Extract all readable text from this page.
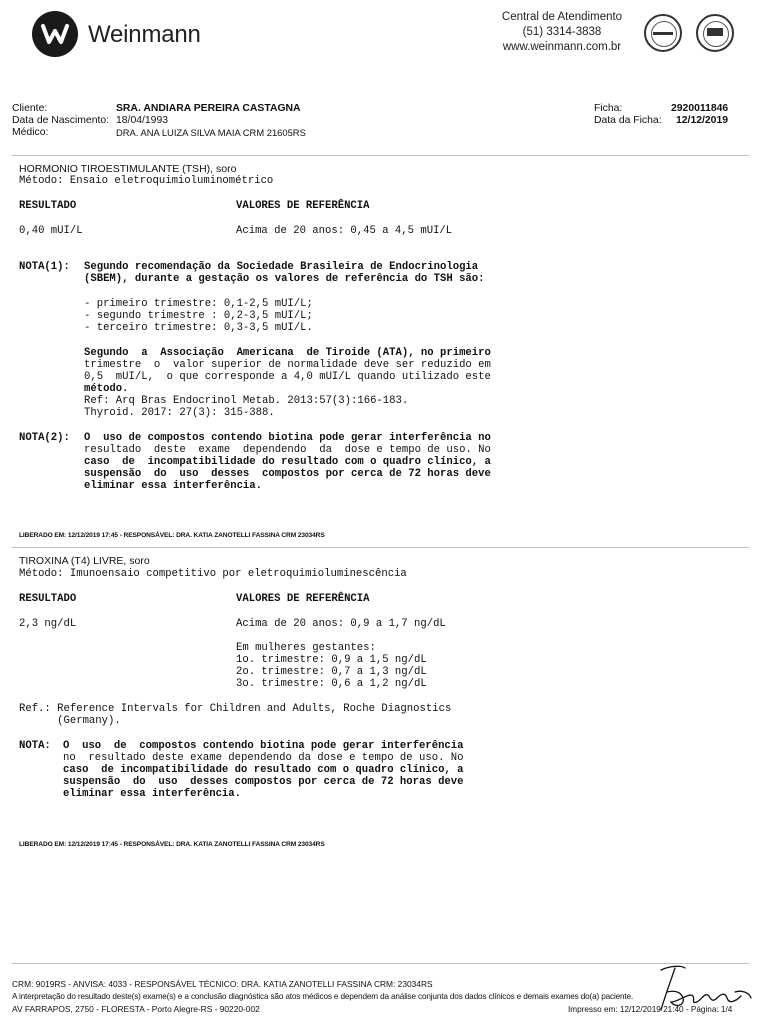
Weinmann
Central de Atendimento
(51) 3314-3838
www.weinmann.com.br
Cliente:	SRA. ANDIARA PEREIRA CASTAGNA
Data de Nascimento: 18/04/1993
Médico:	DRA. ANA LUIZA SILVA MAIA CRM 21605RS
Ficha:	2920011846
Data da Ficha: 12/12/2019
HORMONIO TIROESTIMULANTE (TSH), soro
Método: Ensaio eletroquimioluminométrico
RESULTADO	VALORES DE REFERÊNCIA
0,40 mUI/L	Acima de 20 anos: 0,45 a 4,5 mUI/L
NOTA(1): Segundo recomendação da Sociedade Brasileira de Endocrinologia
(SBEM), durante a gestação os valores de referência do TSH são:
- primeiro trimestre: 0,1-2,5 mUI/L;
- segundo trimestre : 0,2-3,5 mUI/L;
- terceiro trimestre: 0,3-3,5 mUI/L.
Segundo  a  Associação  Americana  de Tiroide (ATA), no primeiro
trimestre  o  valor superior de normalidade deve ser reduzido em
0,5  mUI/L,  o que corresponde a 4,0 mUI/L quando utilizado este
método.
Ref: Arq Bras Endocrinol Metab. 2013:57(3):166-183.
Thyroid. 2017: 27(3): 315-388.
NOTA(2): O  uso de compostos contendo biotina pode gerar interferência no
resultado  deste  exame  dependendo  da  dose e tempo de uso. No
caso  de  incompatibilidade do resultado com o quadro clínico, a
suspensão  do  uso  desses  compostos por cerca de 72 horas deve
eliminar essa interferência.
LIBERADO EM: 12/12/2019 17:45 - RESPONSÁVEL: DRA. KATIA ZANOTELLI FASSINA CRM 23034RS
TIROXINA (T4) LIVRE, soro
Método: Imunoensaio competitivo por eletroquimioluminescência
RESULTADO	VALORES DE REFERÊNCIA
2,3 ng/dL	Acima de 20 anos: 0,9 a 1,7 ng/dL
Em mulheres gestantes:
1o. trimestre: 0,9 a 1,5 ng/dL
2o. trimestre: 0,7 a 1,3 ng/dL
3o. trimestre: 0,6 a 1,2 ng/dL
Ref.: Reference Intervals for Children and Adults, Roche Diagnostics
(Germany).
NOTA: O  uso  de  compostos contendo biotina pode gerar interferência
no  resultado deste exame dependendo da dose e tempo de uso. No
caso  de incompatibilidade do resultado com o quadro clínico, a
suspensão  do  uso  desses compostos por cerca de 72 horas deve
eliminar essa interferência.
LIBERADO EM: 12/12/2019 17:45 - RESPONSÁVEL: DRA. KATIA ZANOTELLI FASSINA CRM 23034RS
CRM: 9019RS - ANVISA: 4033 - RESPONSÁVEL TÉCNICO: DRA. KATIA ZANOTELLI FASSINA CRM: 23034RS
A interpretação do resultado deste(s) exame(s) e a conclusão diagnóstica são atos médicos e dependem da análise conjunta dos dados clínicos e demais exames do(a) paciente.
AV FARRAPOS, 2750 - FLORESTA - Porto Alegre-RS - 90220-002	Impresso em: 12/12/2019 21:40 - Página: 1/4
